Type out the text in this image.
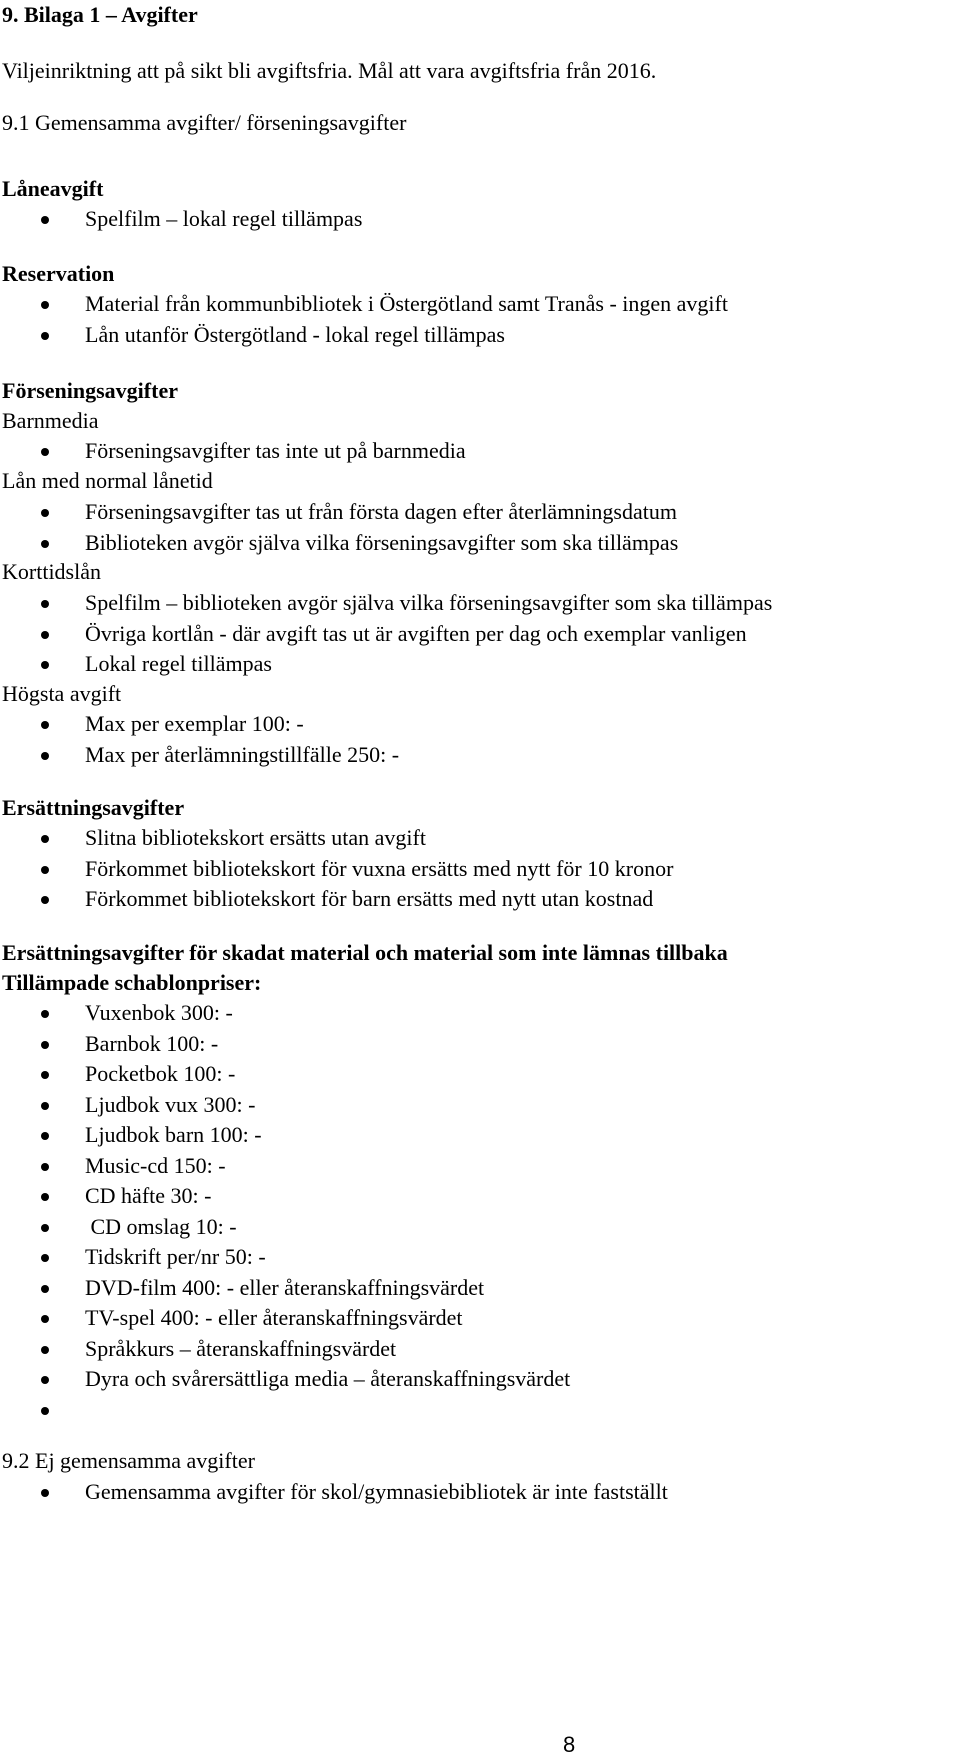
9. Bilaga 1 – Avgifter
Viljeinriktning att på sikt bli avgiftsfria. Mål att vara avgiftsfria från 2016.
9.1 Gemensamma avgifter/ förseningsavgifter
Låneavgift
Spelfilm – lokal regel tillämpas
Reservation
Material från kommunbibliotek i Östergötland samt Tranås - ingen avgift
Lån utanför Östergötland - lokal regel tillämpas
Förseningsavgifter
Barnmedia
Förseningsavgifter tas inte ut på barnmedia
Lån med normal lånetid
Förseningsavgifter tas ut från första dagen efter återlämningsdatum
Biblioteken avgör själva vilka förseningsavgifter som ska tillämpas
Korttidslån
Spelfilm – biblioteken avgör själva vilka förseningsavgifter som ska tillämpas
Övriga kortlån - där avgift tas ut är avgiften per dag och exemplar vanligen
Lokal regel tillämpas
Högsta avgift
Max per exemplar 100: -
Max per återlämningstillfälle 250: -
Ersättningsavgifter
Slitna bibliotekskort ersätts utan avgift
Förkommet bibliotekskort för vuxna ersätts med nytt för 10 kronor
Förkommet bibliotekskort för barn ersätts med nytt utan kostnad
Ersättningsavgifter för skadat material och material som inte lämnas tillbaka
Tillämpade schablonpriser:
Vuxenbok 300: -
Barnbok 100: -
Pocketbok 100: -
Ljudbok vux 300: -
Ljudbok barn 100: -
Music-cd 150: -
CD häfte 30: -
CD omslag 10: -
Tidskrift per/nr 50: -
DVD-film 400: - eller återanskaffningsvärdet
TV-spel 400: - eller återanskaffningsvärdet
Språkkurs – återanskaffningsvärdet
Dyra och svårersättliga media – återanskaffningsvärdet
9.2 Ej gemensamma avgifter
Gemensamma avgifter för skol/gymnasiebibliotek är inte fastställt
8
